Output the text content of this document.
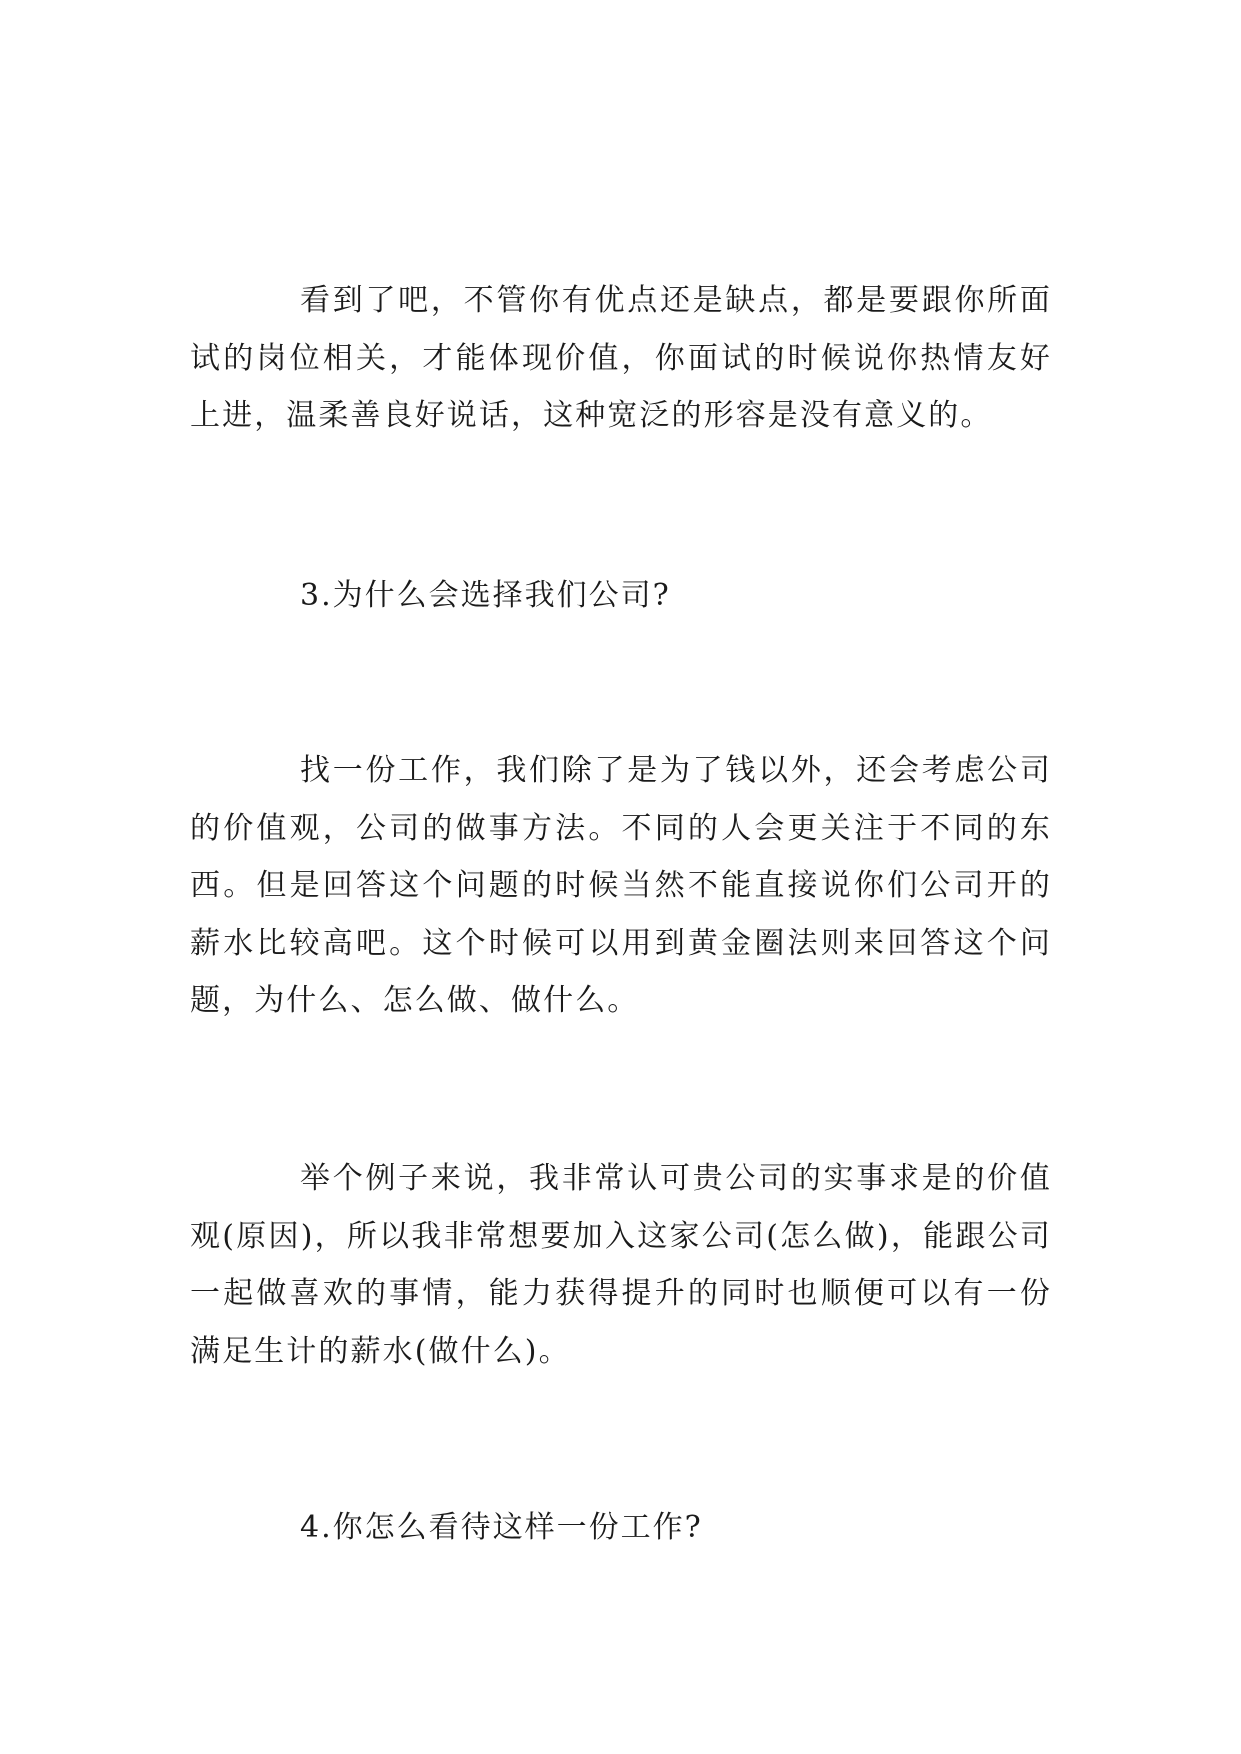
看到了吧，不管你有优点还是缺点，都是要跟你所面试的岗位相关，才能体现价值，你面试的时候说你热情友好上进，温柔善良好说话，这种宽泛的形容是没有意义的。

3.为什么会选择我们公司?

找一份工作，我们除了是为了钱以外，还会考虑公司的价值观，公司的做事方法。不同的人会更关注于不同的东西。但是回答这个问题的时候当然不能直接说你们公司开的薪水比较高吧。这个时候可以用到黄金圈法则来回答这个问题，为什么、怎么做、做什么。

举个例子来说，我非常认可贵公司的实事求是的价值观(原因)，所以我非常想要加入这家公司(怎么做)，能跟公司一起做喜欢的事情，能力获得提升的同时也顺便可以有一份满足生计的薪水(做什么)。

4.你怎么看待这样一份工作?
